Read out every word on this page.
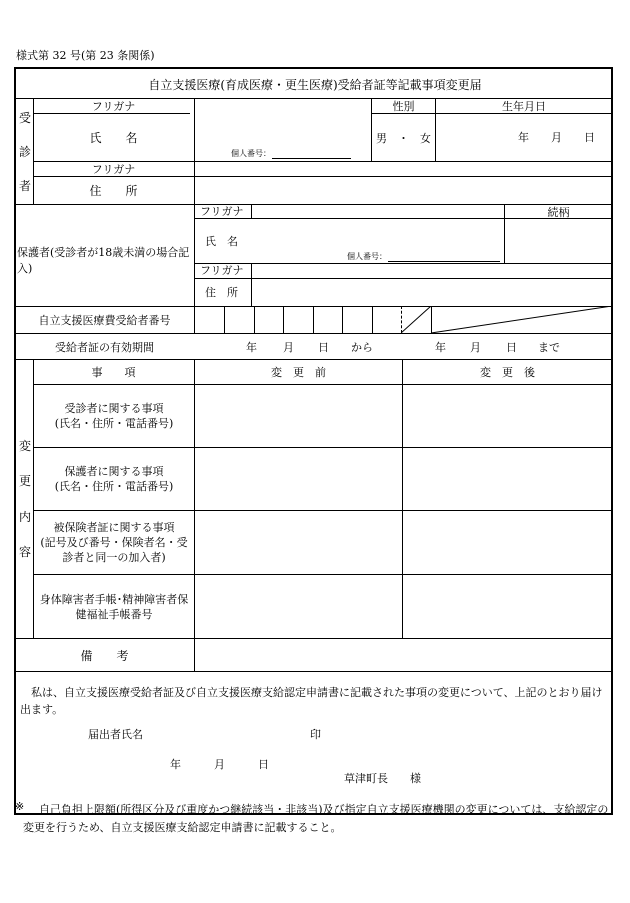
様式第 32 号(第 23 条関係)
自立支援医療(育成医療・更生医療)受給者証等記載事項変更届
受
診
者
フリガナ
氏　　名
個人番号：
性別
男　・　女
生年月日
年　　月　　日
フリガナ
住　　所
保護者(受診者が18歳未満の場合記入)
フリガナ	続柄
氏　名
個人番号：
フリガナ
住　所
自立支援医療費受給者番号
受給者証の有効期間	年 月 日 から	年 月 日 まで
変
更
内
容
事　　項	変　更　前	変　更　後
受診者に関する事項
(氏名・住所・電話番号)
保護者に関する事項
(氏名・住所・電話番号)
被保険者証に関する事項
(記号及び番号・保険者名・受
診者と同一の加入者)
身体障害者手帳･精神障害者保
健福祉手帳番号
備　　考
私は、自立支援医療受給者証及び自立支援医療支給認定申請書に記載された事項の変更について、上記のとおり届け出ます。
届出者氏名	印
年　　　月　　　日
草津町長　　様
※	自己負担上限額(所得区分及び重度かつ継続該当・非該当)及び指定自立支援医療機関の変更については、支給認定の変更を行うため、自立支援医療支給認定申請書に記載すること。
